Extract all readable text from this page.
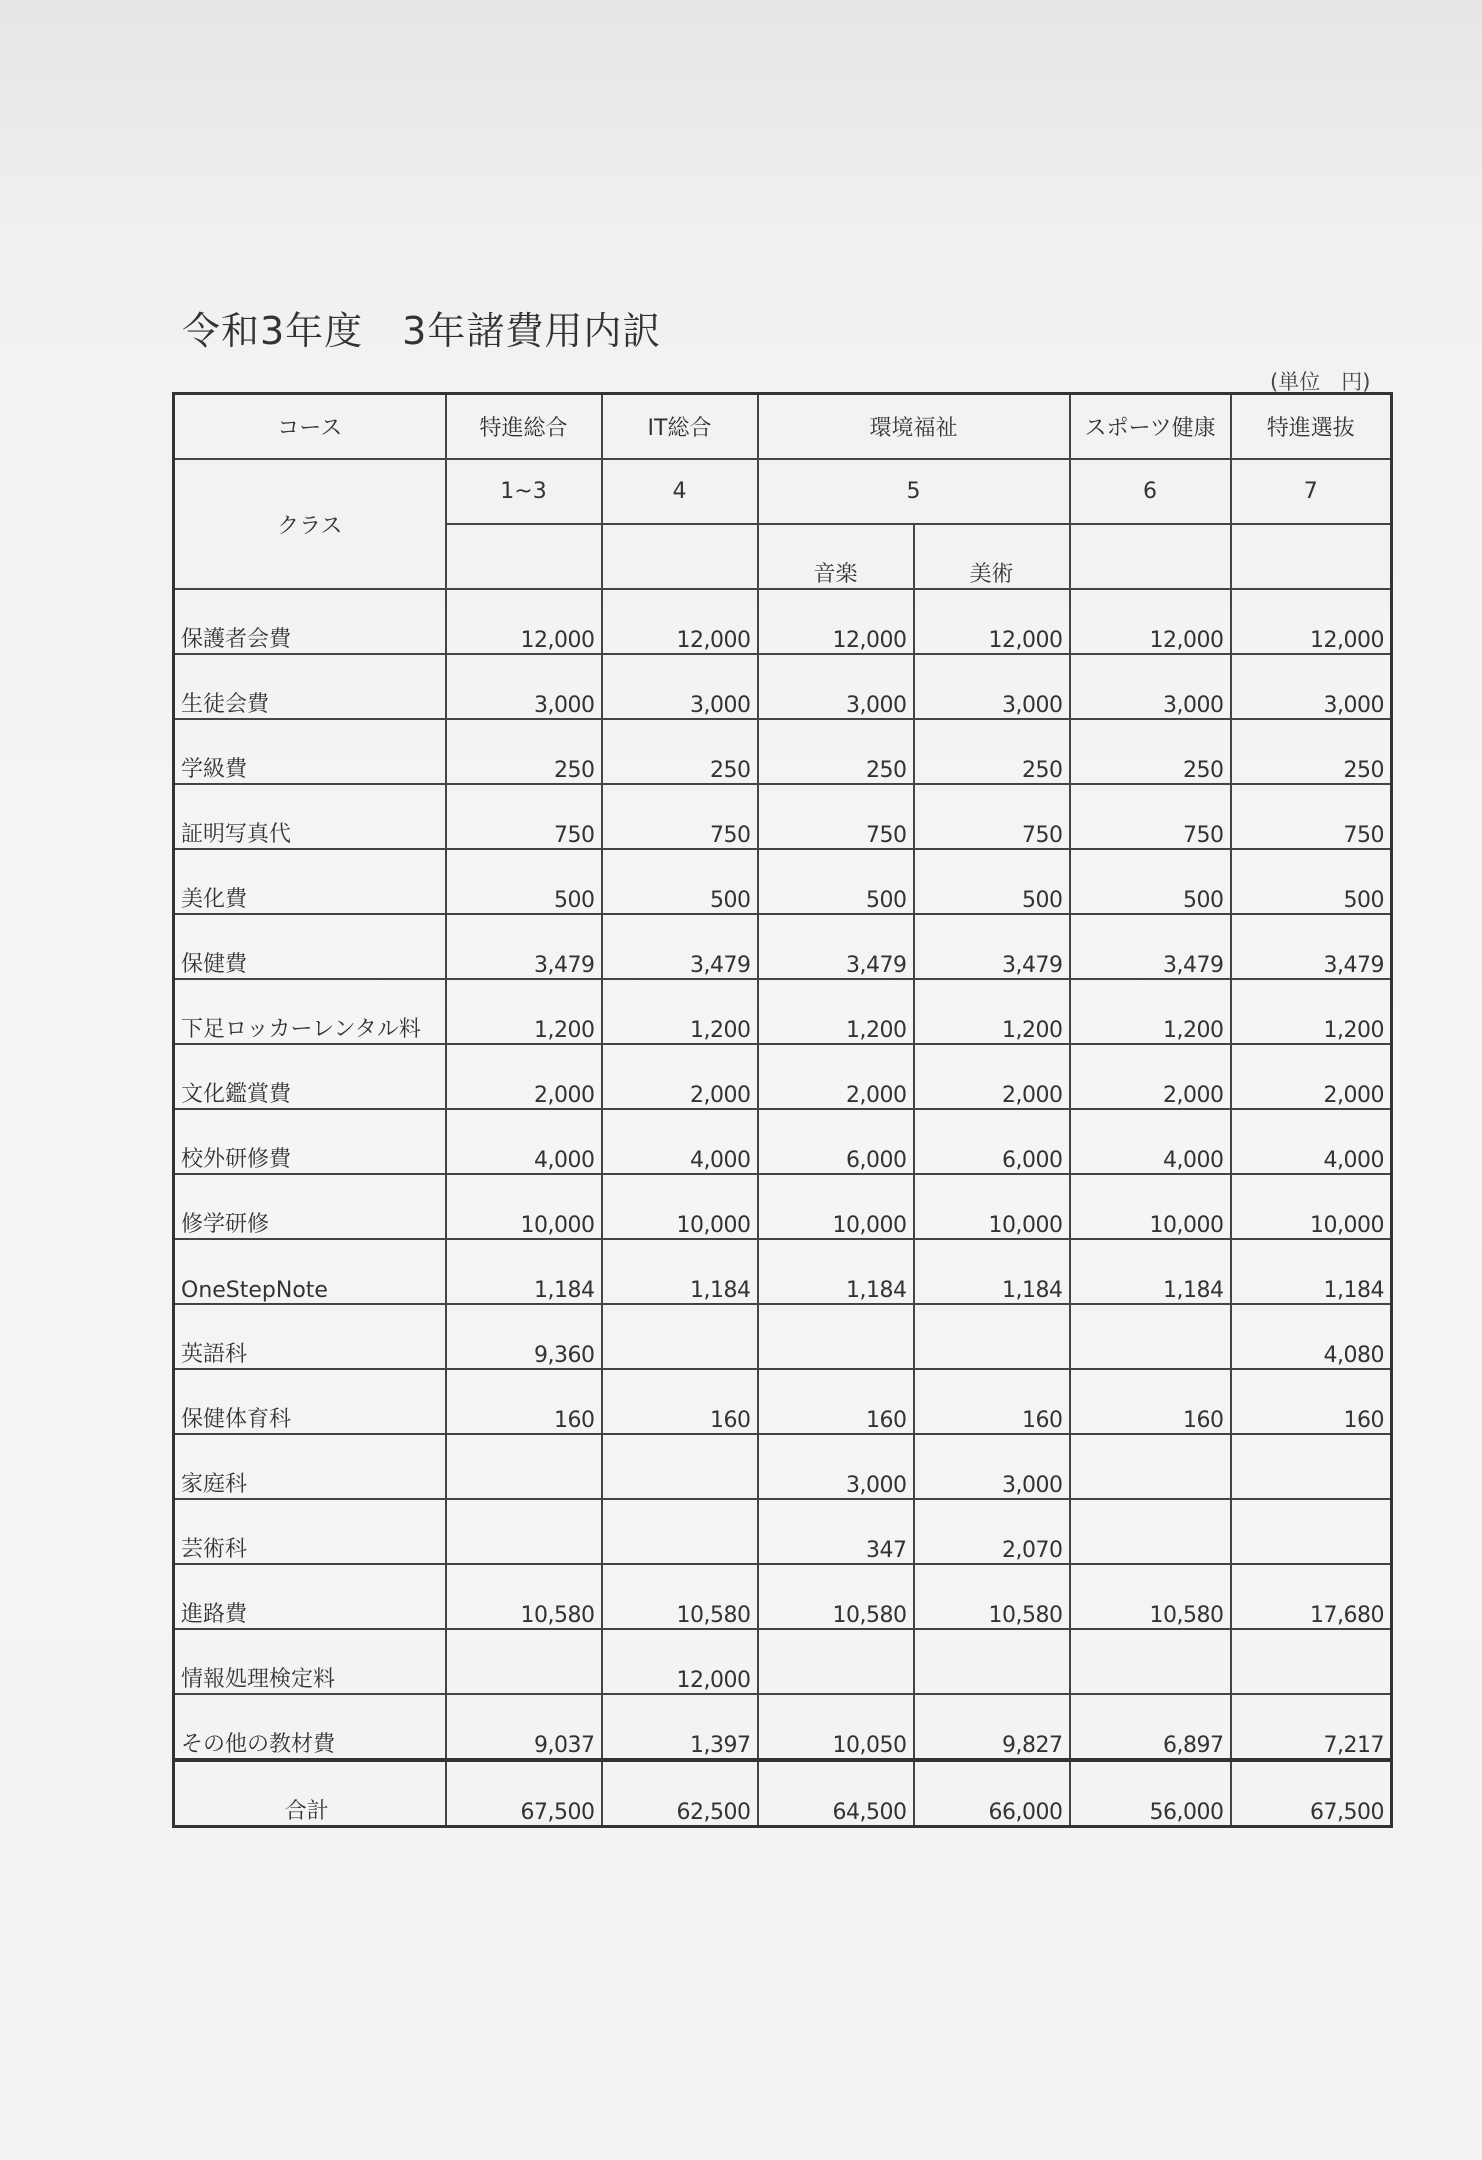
令和3年度　3年諸費用内訳
(単位　円)
コース	特進総合	IT総合	環境福祉		スポーツ健康	特進選抜
クラス	1~3	4	5		6	7
			音楽	美術		
保護者会費	12,000	12,000	12,000	12,000	12,000	12,000
生徒会費	3,000	3,000	3,000	3,000	3,000	3,000
学級費	250	250	250	250	250	250
証明写真代	750	750	750	750	750	750
美化費	500	500	500	500	500	500
保健費	3,479	3,479	3,479	3,479	3,479	3,479
下足ロッカーレンタル料	1,200	1,200	1,200	1,200	1,200	1,200
文化鑑賞費	2,000	2,000	2,000	2,000	2,000	2,000
校外研修費	4,000	4,000	6,000	6,000	4,000	4,000
修学研修	10,000	10,000	10,000	10,000	10,000	10,000
OneStepNote	1,184	1,184	1,184	1,184	1,184	1,184
英語科	9,360					4,080
保健体育科	160	160	160	160	160	160
家庭科			3,000	3,000		
芸術科			347	2,070		
進路費	10,580	10,580	10,580	10,580	10,580	17,680
情報処理検定料		12,000				
その他の教材費	9,037	1,397	10,050	9,827	6,897	7,217
合計	67,500	62,500	64,500	66,000	56,000	67,500
